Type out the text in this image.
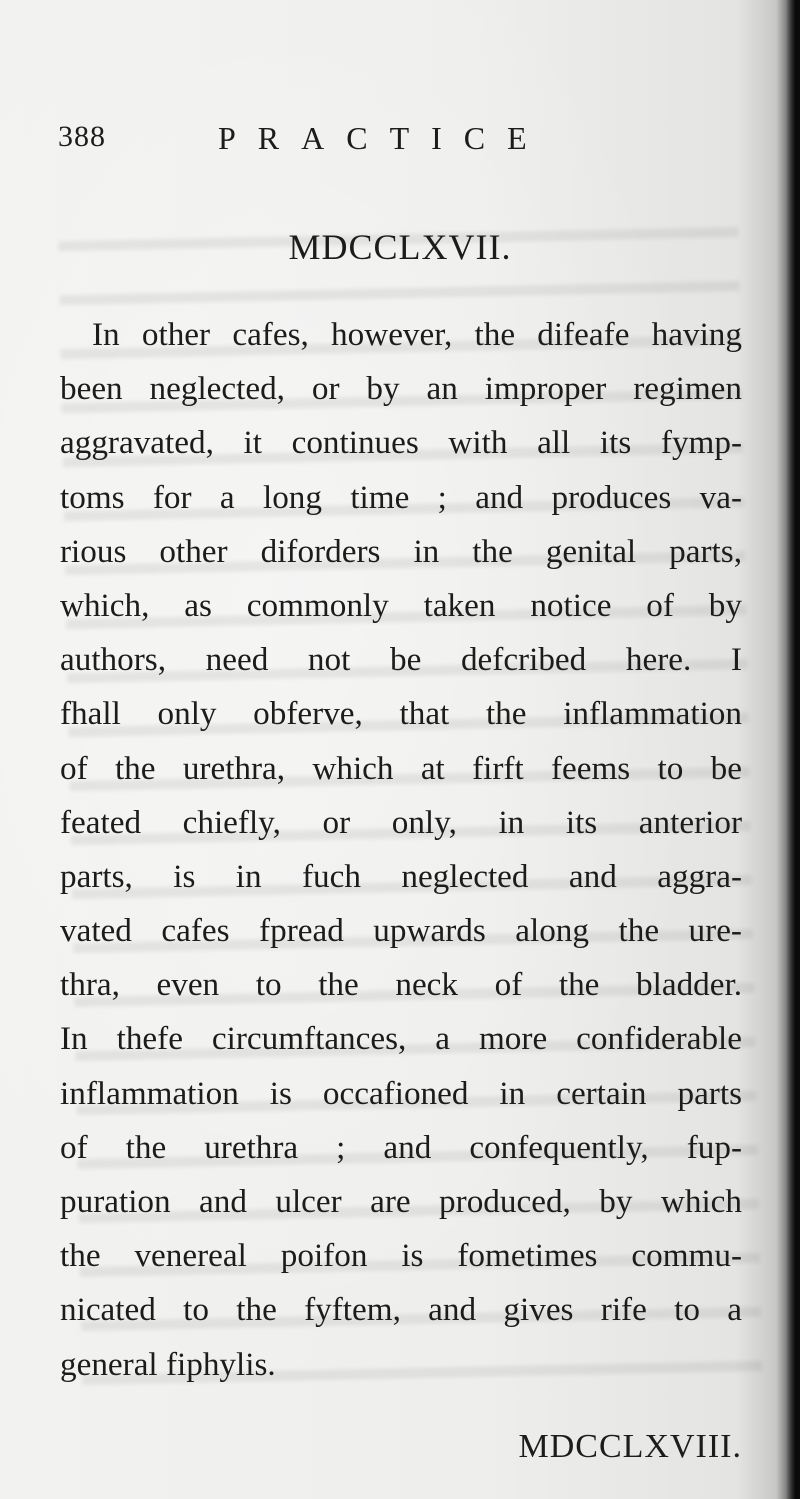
388	PRACTICE
MDCCLXVII.
In other cafes, however, the difeafe having
been neglected, or by an improper regimen
aggravated, it continues with all its fymp-
toms for a long time ; and produces va-
rious other diforders in the genital parts,
which, as commonly taken notice of by
authors, need not be defcribed here. I
fhall only obferve, that the inflammation
of the urethra, which at firft feems to be
feated chiefly, or only, in its anterior
parts, is in fuch neglected and aggra-
vated cafes fpread upwards along the ure-
thra, even to the neck of the bladder.
In thefe circumftances, a more confiderable
inflammation is occafioned in certain parts
of the urethra ; and confequently, fup-
puration and ulcer are produced, by which
the venereal poifon is fometimes commu-
nicated to the fyftem, and gives rife to a
general fiphylis.
MDCCLXVIII.
